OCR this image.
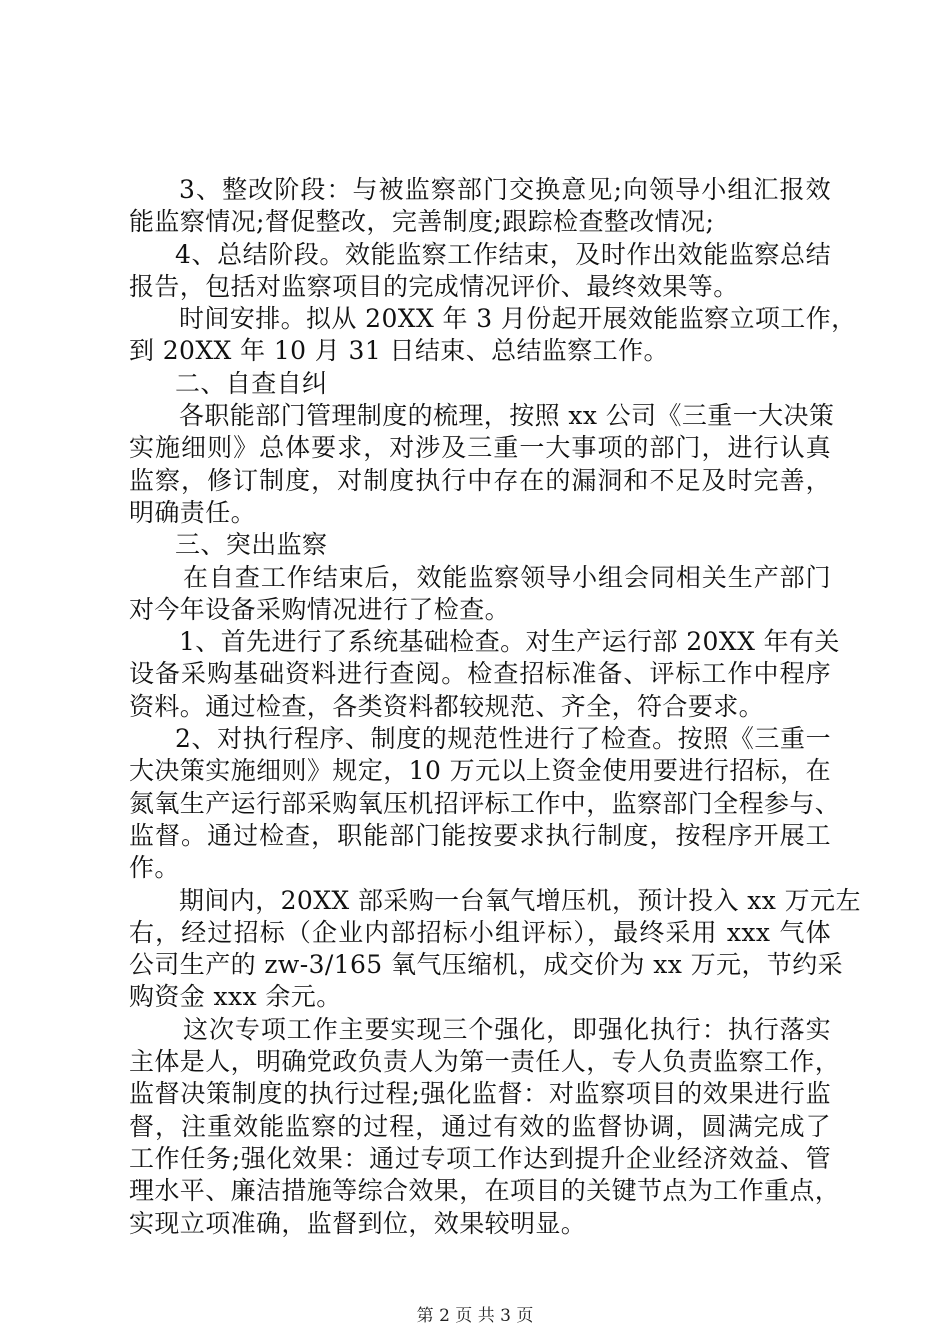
3、整改阶段：与被监察部门交换意见;向领导小组汇报效
能监察情况;督促整改，完善制度;跟踪检查整改情况;
4、总结阶段。效能监察工作结束，及时作出效能监察总结
报告，包括对监察项目的完成情况评价、最终效果等。
时间安排。拟从 20XX 年 3 月份起开展效能监察立项工作，
到 20XX 年 10 月 31 日结束、总结监察工作。
二、自查自纠
各职能部门管理制度的梳理，按照 xx 公司《三重一大决策
实施细则》总体要求，对涉及三重一大事项的部门，进行认真
监察，修订制度，对制度执行中存在的漏洞和不足及时完善，
明确责任。
三、突出监察
在自查工作结束后，效能监察领导小组会同相关生产部门
对今年设备采购情况进行了检查。
1、首先进行了系统基础检查。对生产运行部 20XX 年有关
设备采购基础资料进行查阅。检查招标准备、评标工作中程序
资料。通过检查，各类资料都较规范、齐全，符合要求。
2、对执行程序、制度的规范性进行了检查。按照《三重一
大决策实施细则》规定，10 万元以上资金使用要进行招标，在
氮氧生产运行部采购氧压机招评标工作中，监察部门全程参与、
监督。通过检查，职能部门能按要求执行制度，按程序开展工
作。
期间内，20XX 部采购一台氧气增压机，预计投入 xx 万元左
右，经过招标（企业内部招标小组评标），最终采用 xxx 气体
公司生产的 zw-3/165 氧气压缩机，成交价为 xx 万元，节约采
购资金 xxx 余元。
这次专项工作主要实现三个强化，即强化执行：执行落实
主体是人，明确党政负责人为第一责任人，专人负责监察工作，
监督决策制度的执行过程;强化监督：对监察项目的效果进行监
督，注重效能监察的过程，通过有效的监督协调，圆满完成了
工作任务;强化效果：通过专项工作达到提升企业经济效益、管
理水平、廉洁措施等综合效果，在项目的关键节点为工作重点，
实现立项准确，监督到位，效果较明显。
第 2 页 共 3 页
